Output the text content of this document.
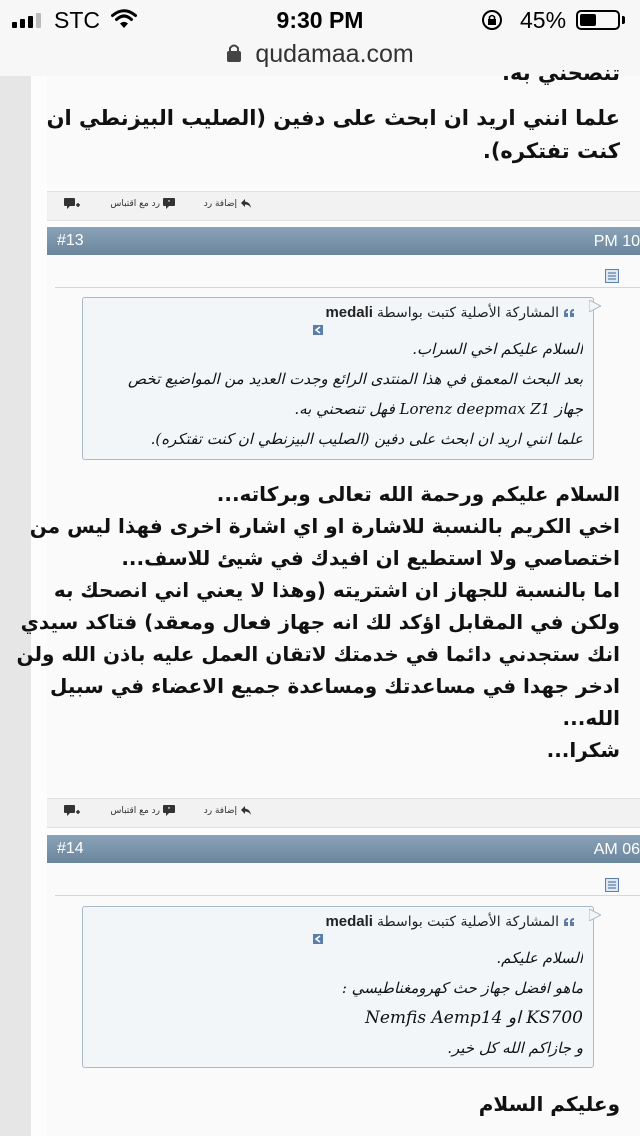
STC	9:30 PM	45%
qudamaa.com
تنصحني به.
علما انني اريد ان ابحث على دفين (الصليب البيزنطي ان
كنت تفتكره).
إضافة رد
"
رد مع اقتباس
#13	PM 10
المشاركة الأصلية كتبت بواسطة
medali
السلام عليكم اخي السراب.
بعد البحث المعمق في هذا المنتدى الرائع وجدت العديد من المواضيع تخص
جهاز Lorenz deepmax Z1 فهل تنصحني به.
علما انني اريد ان ابحث على دفين (الصليب البيزنطي ان كنت تفتكره).
السلام عليكم ورحمة الله تعالى وبركاته...
اخي الكريم بالنسبة للاشارة او اي اشارة اخرى فهذا ليس من
اختصاصي ولا استطيع ان افيدك في شيئ للاسف...
اما بالنسبة للجهاز ان اشتريته (وهذا لا يعني اني انصحك به
ولكن في المقابل اؤكد لك انه جهاز فعال ومعقد) فتاكد سيدي
انك ستجدني دائما في خدمتك لاتقان العمل عليه باذن الله ولن
ادخر جهدا في مساعدتك ومساعدة جميع الاعضاء في سبيل
الله...
شكرا...
إضافة رد
"
رد مع اقتباس
#14	AM 06
المشاركة الأصلية كتبت بواسطة
medali
السلام عليكم.
ماهو افضل جهاز حث كهرومغناطيسي :
Nemfis Aemp14 او KS700
و جازاكم الله كل خير.
وعليكم السلام
